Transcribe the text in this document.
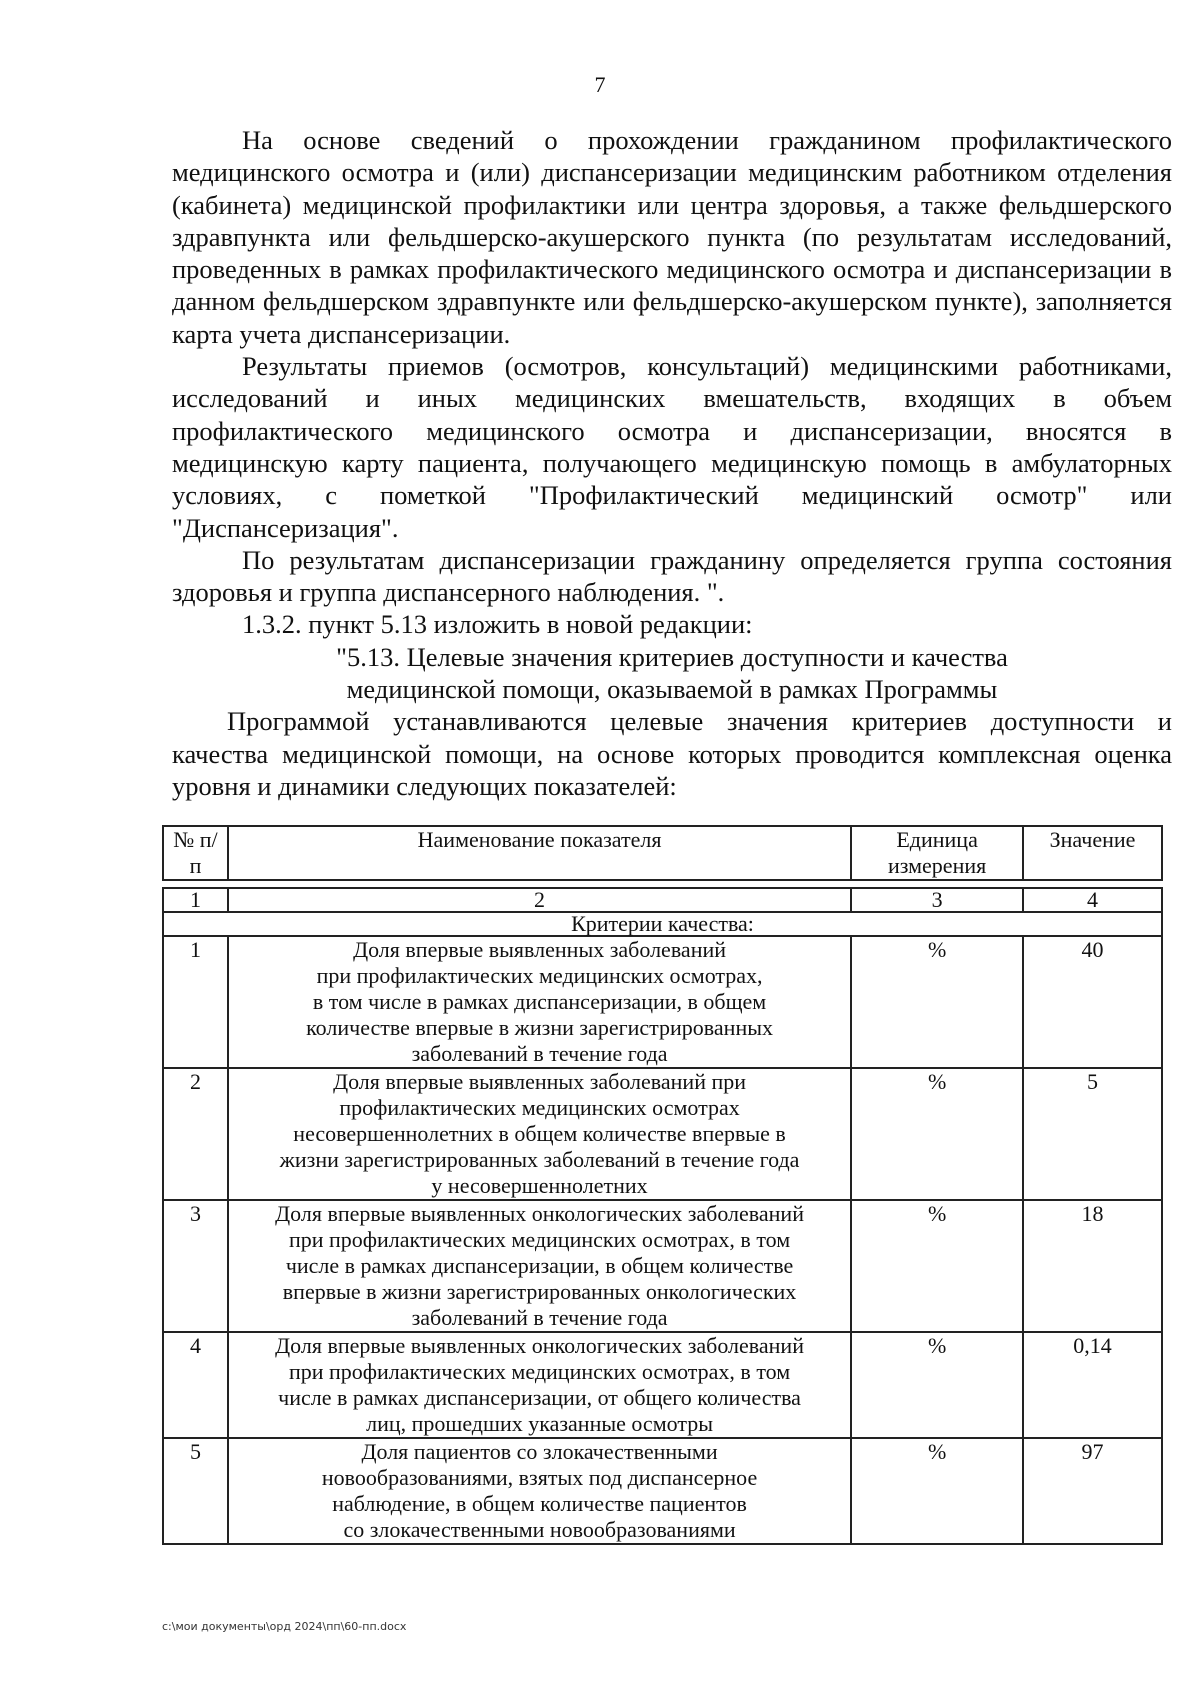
7

На основе сведений о прохождении гражданином профилактического медицинского осмотра и (или) диспансеризации медицинским работником отделения (кабинета) медицинской профилактики или центра здоровья, а также фельдшерского здравпункта или фельдшерско-акушерского пункта (по результатам исследований, проведенных в рамках профилактического медицинского осмотра и диспансеризации в данном фельдшерском здравпункте или фельдшерско-акушерском пункте), заполняется карта учета диспансеризации.

Результаты приемов (осмотров, консультаций) медицинскими работниками, исследований и иных медицинских вмешательств, входящих в объем профилактического медицинского осмотра и диспансеризации, вносятся в медицинскую карту пациента, получающего медицинскую помощь в амбулаторных условиях, с пометкой "Профилактический медицинский осмотр" или "Диспансеризация".

По результатам диспансеризации гражданину определяется группа состояния здоровья и группа диспансерного наблюдения. ".

1.3.2. пункт 5.13 изложить в новой редакции:

"5.13. Целевые значения критериев доступности и качества

медицинской помощи, оказываемой в рамках Программы

Программой устанавливаются целевые значения критериев доступности и качества медицинской помощи, на основе которых проводится комплексная оценка уровня и динамики следующих показателей:

№ п/п	Наименование показателя	Единица измерения	Значение

1	2	3	4
Критерии качества:			
1	Доля впервые выявленных заболеваний
при профилактических медицинских осмотрах,
в том числе в рамках диспансеризации, в общем
количестве впервые в жизни зарегистрированных
заболеваний в течение года	%	40
2	Доля впервые выявленных заболеваний при
профилактических медицинских осмотрах
несовершеннолетних в общем количестве впервые в
жизни зарегистрированных заболеваний в течение года
у несовершеннолетних	%	5
3	Доля впервые выявленных онкологических заболеваний
при профилактических медицинских осмотрах, в том
числе в рамках диспансеризации, в общем количестве
впервые в жизни зарегистрированных онкологических
заболеваний в течение года	%	18
4	Доля впервые выявленных онкологических заболеваний
при профилактических медицинских осмотрах, в том
числе в рамках диспансеризации, от общего количества
лиц, прошедших указанные осмотры	%	0,14
5	Доля пациентов со злокачественными
новообразованиями, взятых под диспансерное
наблюдение, в общем количестве пациентов
со злокачественными новообразованиями	%	97
c:\мои документы\орд 2024\пп\60-пп.docx
